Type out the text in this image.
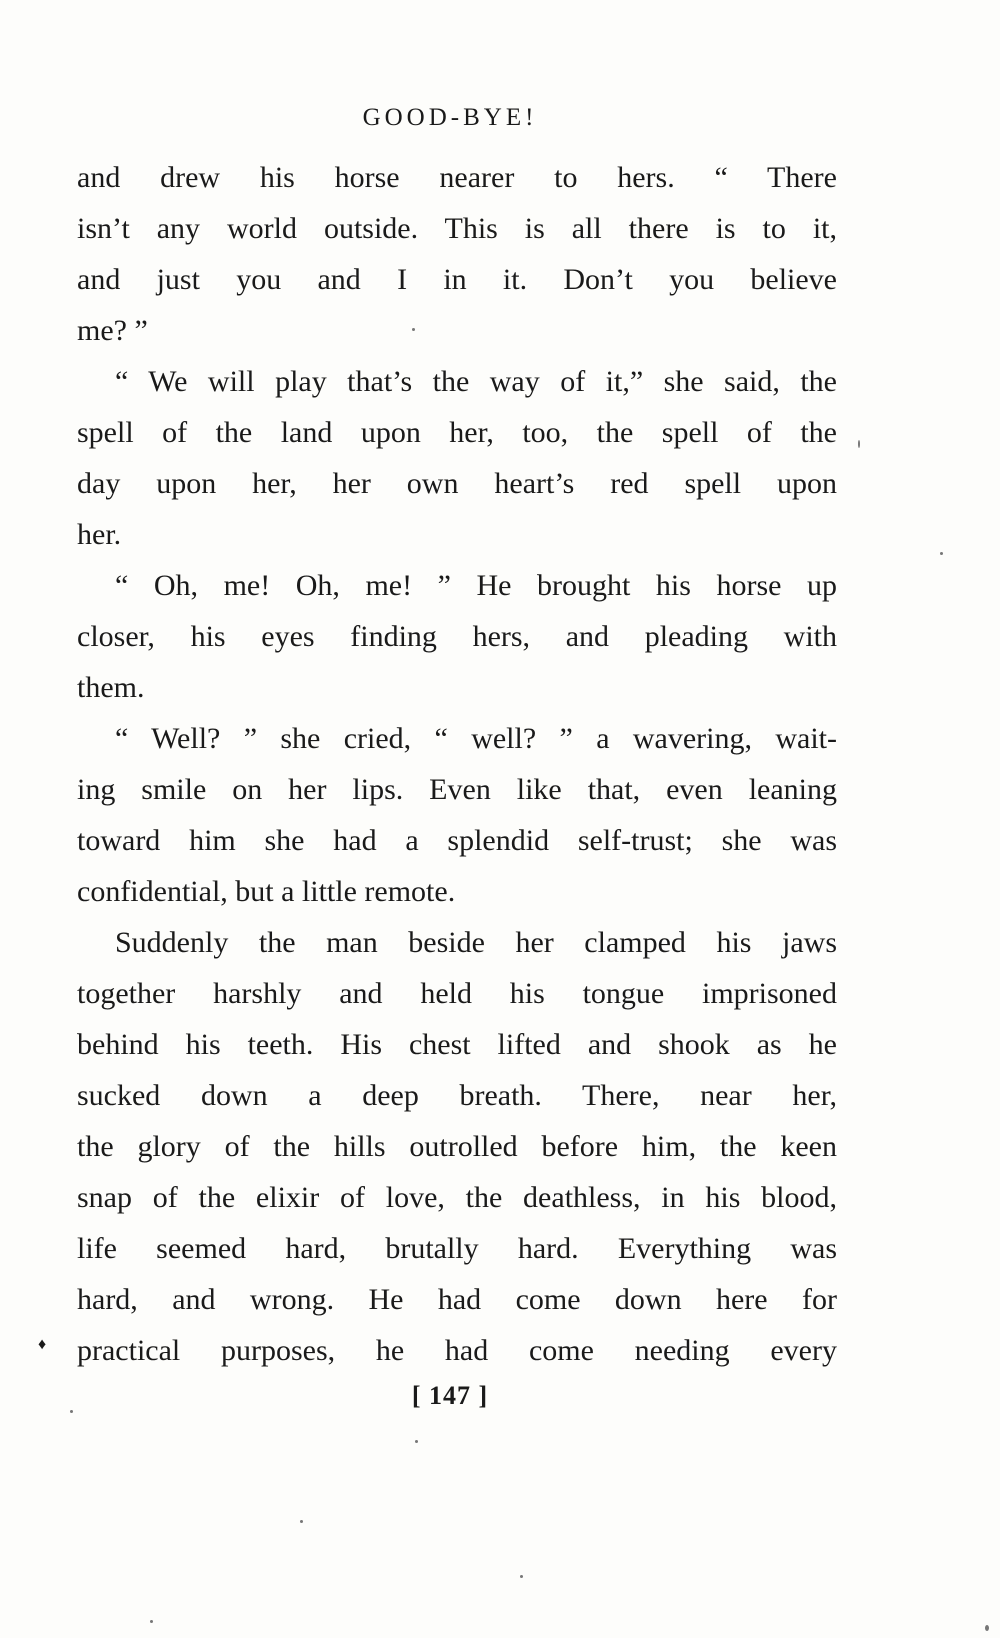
GOOD-BYE!
and drew his horse nearer to hers. “ There
isn’t any world outside. This is all there is to it,
and just you and I in it. Don’t you believe
me? ”
“ We will play that’s the way of it,” she said, the
spell of the land upon her, too, the spell of the
day upon her, her own heart’s red spell upon
her.
“ Oh, me! Oh, me! ” He brought his horse up
closer, his eyes finding hers, and pleading with
them.
“ Well? ” she cried, “ well? ” a wavering, wait-
ing smile on her lips. Even like that, even leaning
toward him she had a splendid self-trust; she was
confidential, but a little remote.
Suddenly the man beside her clamped his jaws
together harshly and held his tongue imprisoned
behind his teeth. His chest lifted and shook as he
sucked down a deep breath. There, near her,
the glory of the hills outrolled before him, the keen
snap of the elixir of love, the deathless, in his blood,
life seemed hard, brutally hard. Everything was
hard, and wrong. He had come down here for
practical purposes, he had come needing every
♦
[ 147 ]
